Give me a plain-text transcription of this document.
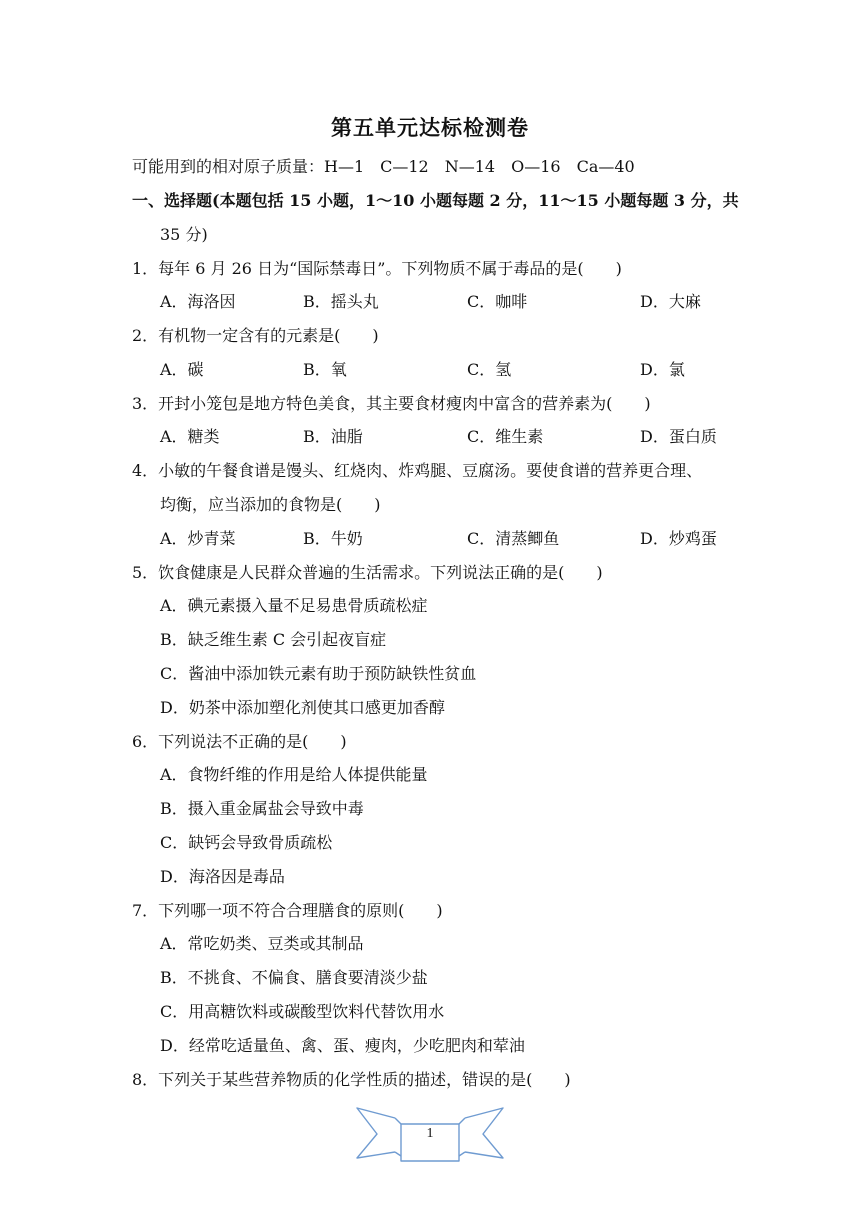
第五单元达标检测卷
可能用到的相对原子质量：H—1　C—12　N—14　O—16　Ca—40
一、选择题(本题包括 15 小题，1～10 小题每题 2 分，11～15 小题每题 3 分，共
35 分)
1．每年 6 月 26 日为“国际禁毒日”。下列物质不属于毒品的是(　　)
A．海洛因	B．摇头丸	C．咖啡	D．大麻
2．有机物一定含有的元素是(　　)
A．碳	B．氧	C．氢	D．氯
3．开封小笼包是地方特色美食，其主要食材瘦肉中富含的营养素为(　　)
A．糖类	B．油脂	C．维生素	D．蛋白质
4．小敏的午餐食谱是馒头、红烧肉、炸鸡腿、豆腐汤。要使食谱的营养更合理、
均衡，应当添加的食物是(　　)
A．炒青菜	B．牛奶	C．清蒸鲫鱼	D．炒鸡蛋
5．饮食健康是人民群众普遍的生活需求。下列说法正确的是(　　)
A．碘元素摄入量不足易患骨质疏松症
B．缺乏维生素 C 会引起夜盲症
C．酱油中添加铁元素有助于预防缺铁性贫血
D．奶茶中添加塑化剂使其口感更加香醇
6．下列说法不正确的是(　　)
A．食物纤维的作用是给人体提供能量
B．摄入重金属盐会导致中毒
C．缺钙会导致骨质疏松
D．海洛因是毒品
7．下列哪一项不符合合理膳食的原则(　　)
A．常吃奶类、豆类或其制品
B．不挑食、不偏食、膳食要清淡少盐
C．用高糖饮料或碳酸型饮料代替饮用水
D．经常吃适量鱼、禽、蛋、瘦肉，少吃肥肉和荤油
8．下列关于某些营养物质的化学性质的描述，错误的是(　　)
1
